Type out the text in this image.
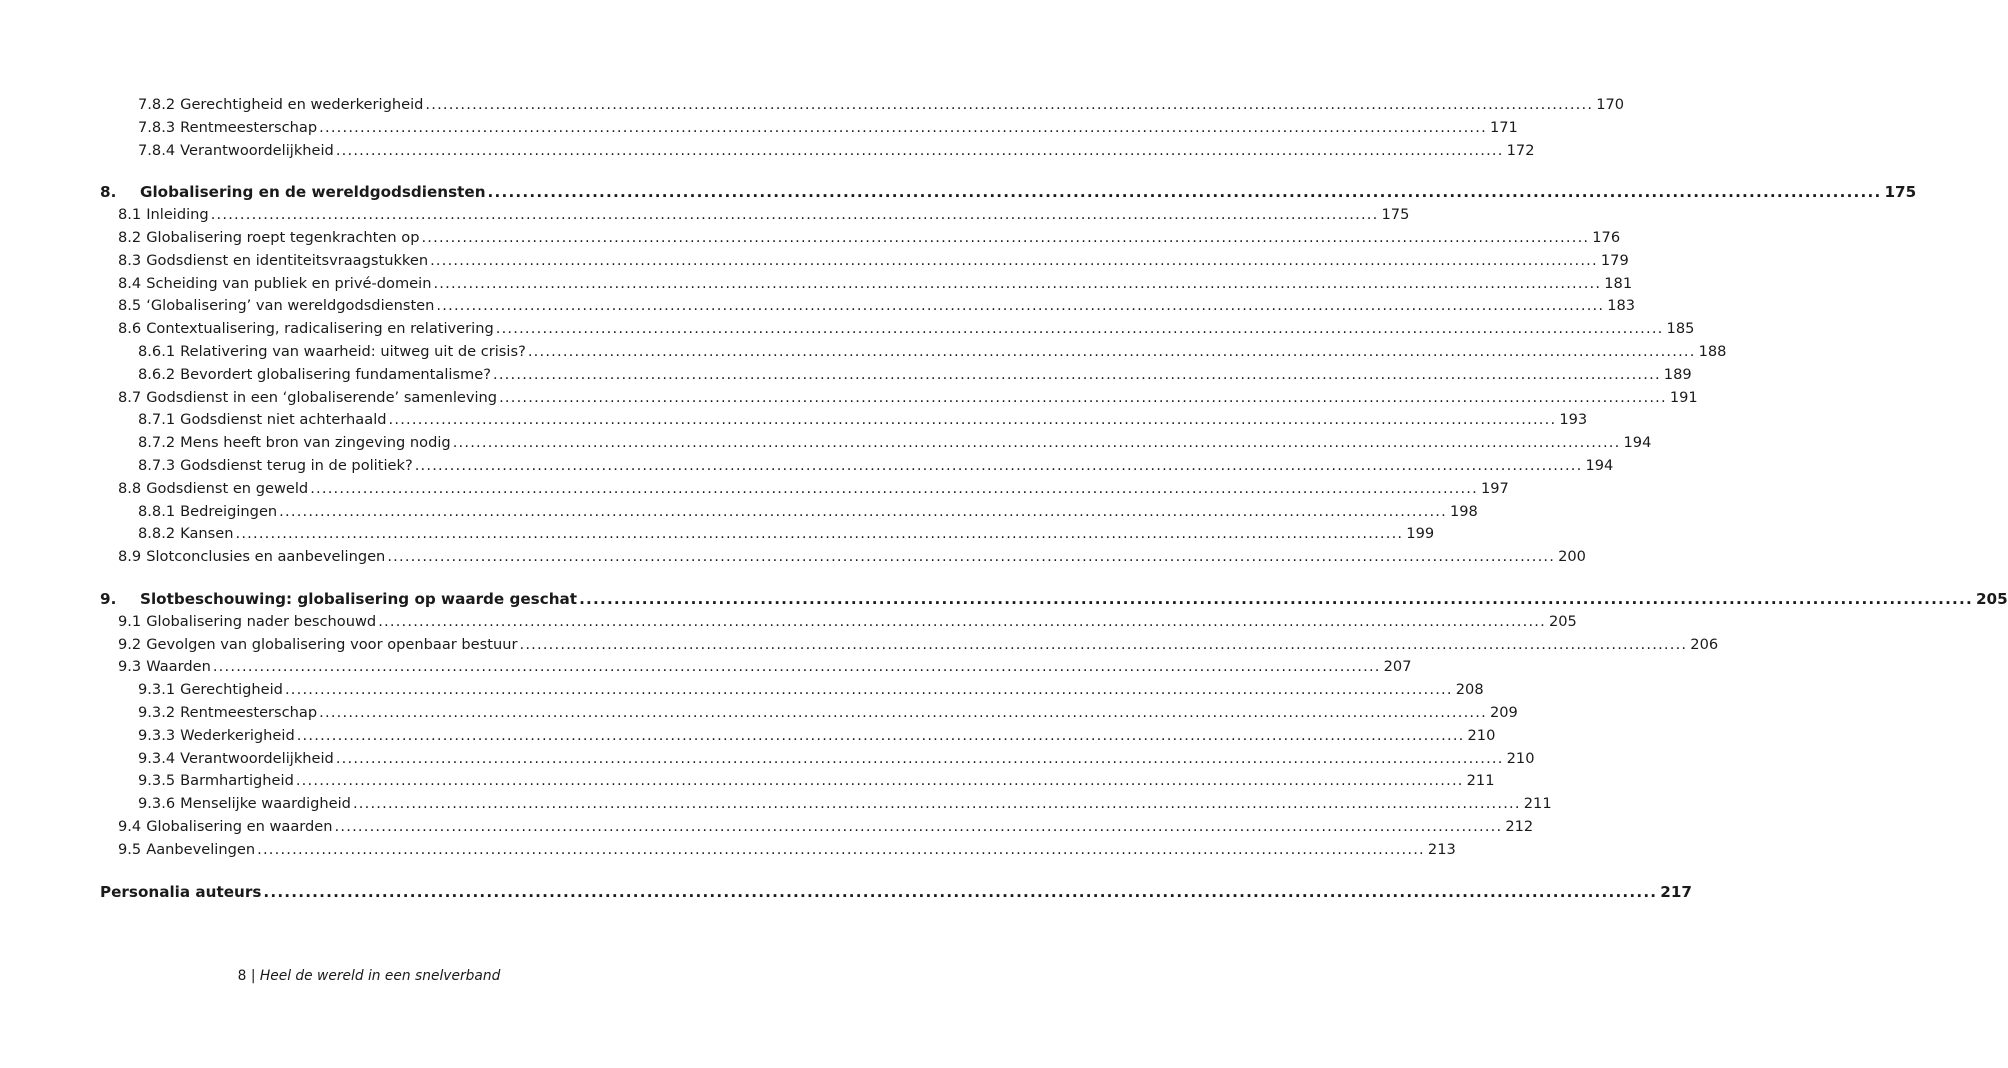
7.8.2 Gerechtigheid en wederkerigheid ........................................................................................................................................................................................................ 170
7.8.3 Rentmeesterschap ........................................................................................................................................................................................................ 171
7.8.4 Verantwoordelijkheid ........................................................................................................................................................................................................ 172
8.	Globalisering en de wereldgodsdiensten ........................................................................................................................................................................................................ 175
8.1 Inleiding ........................................................................................................................................................................................................ 175
8.2 Globalisering roept tegenkrachten op ........................................................................................................................................................................................................ 176
8.3 Godsdienst en identiteitsvraagstukken ........................................................................................................................................................................................................ 179
8.4 Scheiding van publiek en privé-domein ........................................................................................................................................................................................................ 181
8.5 ‘Globalisering’ van wereldgodsdiensten ........................................................................................................................................................................................................ 183
8.6 Contextualisering, radicalisering en relativering ........................................................................................................................................................................................................ 185
8.6.1 Relativering van waarheid: uitweg uit de crisis? ........................................................................................................................................................................................................ 188
8.6.2 Bevordert globalisering fundamentalisme? ........................................................................................................................................................................................................ 189
8.7 Godsdienst in een ‘globaliserende’ samenleving ........................................................................................................................................................................................................ 191
8.7.1 Godsdienst niet achterhaald ........................................................................................................................................................................................................ 193
8.7.2 Mens heeft bron van zingeving nodig ........................................................................................................................................................................................................ 194
8.7.3 Godsdienst terug in de politiek? ........................................................................................................................................................................................................ 194
8.8 Godsdienst en geweld ........................................................................................................................................................................................................ 197
8.8.1 Bedreigingen ........................................................................................................................................................................................................ 198
8.8.2 Kansen ........................................................................................................................................................................................................ 199
8.9 Slotconclusies en aanbevelingen ........................................................................................................................................................................................................ 200
9.	Slotbeschouwing: globalisering op waarde geschat ........................................................................................................................................................................................................ 205
9.1 Globalisering nader beschouwd ........................................................................................................................................................................................................ 205
9.2 Gevolgen van globalisering voor openbaar bestuur ........................................................................................................................................................................................................ 206
9.3 Waarden ........................................................................................................................................................................................................ 207
9.3.1 Gerechtigheid ........................................................................................................................................................................................................ 208
9.3.2 Rentmeesterschap ........................................................................................................................................................................................................ 209
9.3.3 Wederkerigheid ........................................................................................................................................................................................................ 210
9.3.4 Verantwoordelijkheid ........................................................................................................................................................................................................ 210
9.3.5 Barmhartigheid ........................................................................................................................................................................................................ 211
9.3.6 Menselijke waardigheid ........................................................................................................................................................................................................ 211
9.4 Globalisering en waarden ........................................................................................................................................................................................................ 212
9.5 Aanbevelingen ........................................................................................................................................................................................................ 213
Personalia auteurs ........................................................................................................................................................................................................ 217
8 | Heel de wereld in een snelverband
